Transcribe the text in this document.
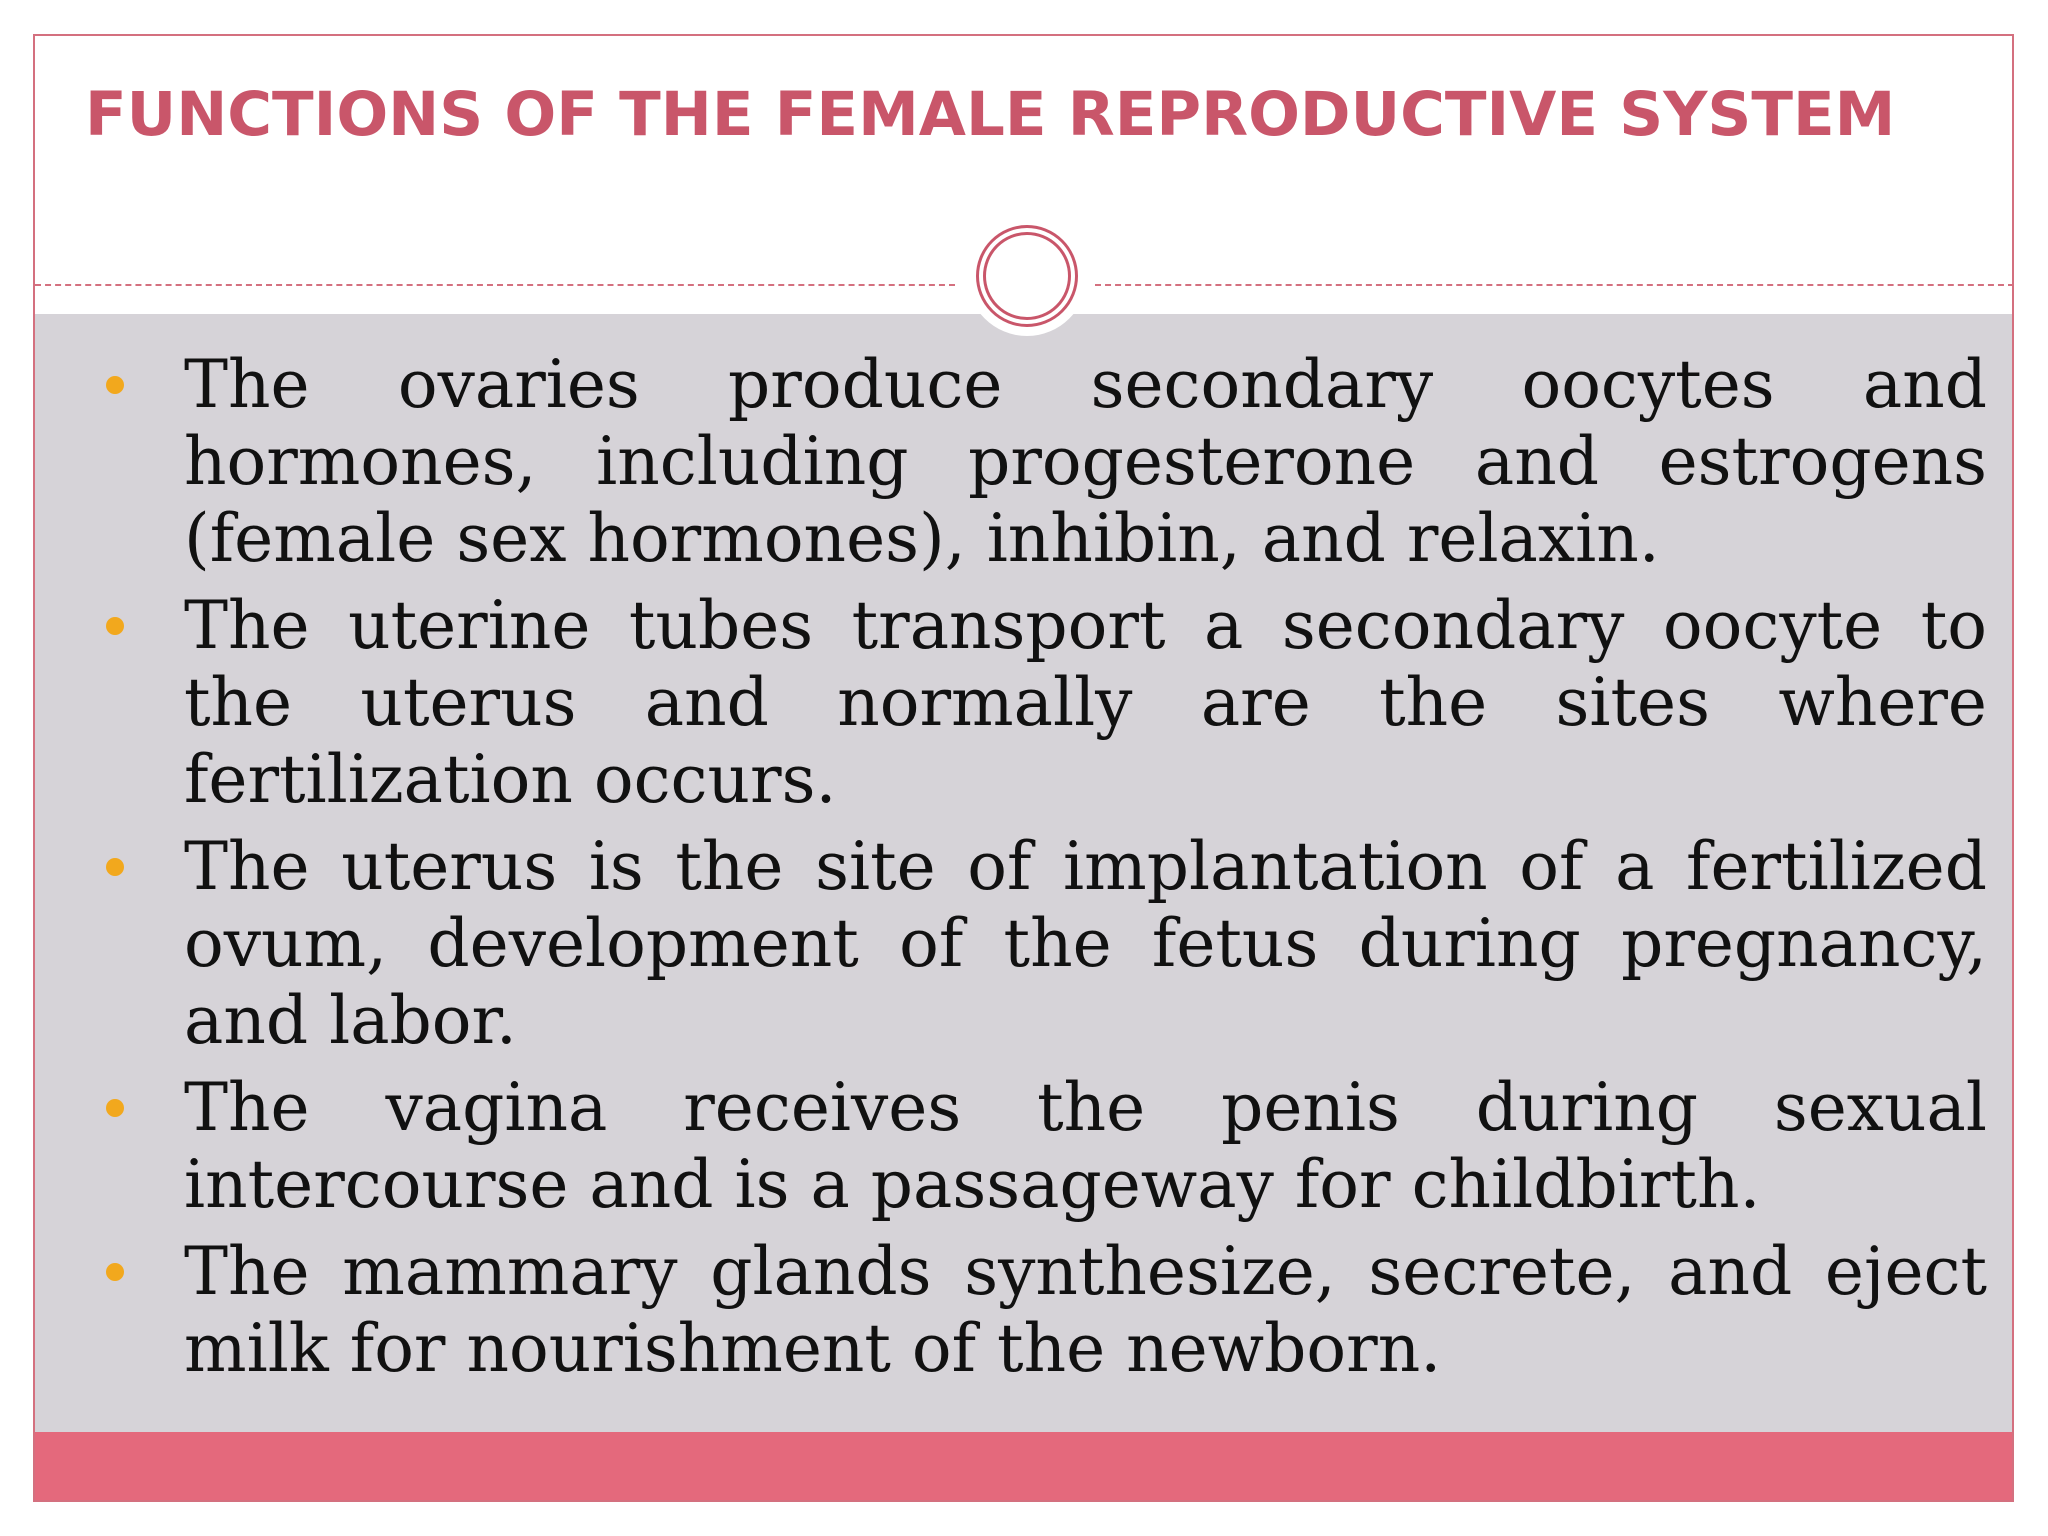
FUNCTIONS OF THE FEMALE REPRODUCTIVE SYSTEM
The ovaries produce secondary oocytes and hormones, including progesterone and estrogens (female sex hormones), inhibin, and relaxin.
The uterine tubes transport a secondary oocyte to the uterus and normally are the sites where fertilization occurs.
The uterus is the site of implantation of a fertilized ovum, development of the fetus during pregnancy, and labor.
The vagina receives the penis during sexual intercourse and is a passageway for childbirth.
The mammary glands synthesize, secrete, and eject milk for nourishment of the newborn.
